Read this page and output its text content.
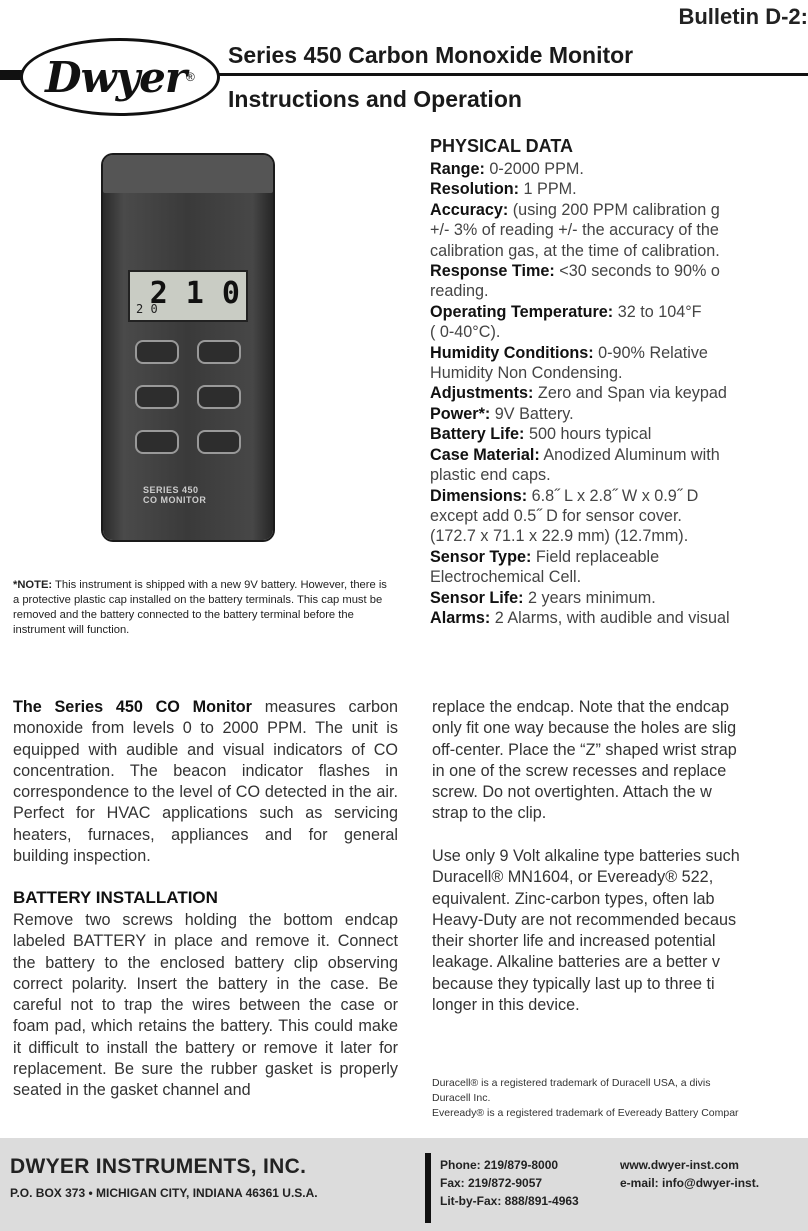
Dwyer ®
Bulletin D-2:
Series 450 Carbon Monoxide Monitor
Instructions and Operation
2 1 0
2 0
SERIES 450
CO MONITOR
*NOTE: This instrument is shipped with a new 9V battery. However, there is a protective plastic cap installed on the battery terminals. This cap must be removed and the battery connected to the battery terminal before the instrument will function.
PHYSICAL DATA
Range: 0-2000 PPM.
Resolution: 1 PPM.
Accuracy: (using 200 PPM calibration g
+/- 3% of reading +/- the accuracy of the
calibration gas, at the time of calibration.
Response Time: <30 seconds to 90% o
reading.
Operating Temperature: 32 to 104°F
( 0-40°C).
Humidity Conditions: 0-90% Relative
Humidity Non Condensing.
Adjustments: Zero and Span via keypad
Power*: 9V Battery.
Battery Life: 500 hours typical
Case Material: Anodized Aluminum with
plastic end caps.
Dimensions: 6.8˝ L x 2.8˝ W x 0.9˝ D
except add 0.5˝ D for sensor cover.
(172.7 x 71.1 x 22.9 mm) (12.7mm).
Sensor Type: Field replaceable
Electrochemical Cell.
Sensor Life: 2 years minimum.
Alarms: 2 Alarms, with audible and visual
The Series 450 CO Monitor measures carbon monoxide from levels 0 to 2000 PPM. The unit is equipped with audible and visual indicators of CO concentration. The beacon indicator flashes in correspondence to the level of CO detected in the air. Perfect for HVAC applications such as servicing heaters, furnaces, appliances and for general building inspection.
BATTERY INSTALLATION
Remove two screws holding the bottom endcap labeled BATTERY in place and remove it. Connect the battery to the enclosed battery clip observing correct polarity. Insert the battery in the case. Be careful not to trap the wires between the case or foam pad, which retains the battery. This could make it difficult to install the battery or remove it later for replacement. Be sure the rubber gasket is properly seated in the gasket channel and
replace the endcap. Note that the endcap
only fit one way because the holes are slig
off-center. Place the “Z” shaped wrist strap
in one of the screw recesses and replace
screw. Do not overtighten. Attach the w
strap to the clip.
Use only 9 Volt alkaline type batteries such
Duracell® MN1604, or Eveready® 522,
equivalent. Zinc-carbon types, often lab
Heavy-Duty are not recommended becaus
their shorter life and increased potential
leakage. Alkaline batteries are a better v
because they typically last up to three ti
longer in this device.
Duracell® is a registered trademark of Duracell USA, a divis
Duracell Inc.
Eveready® is a registered trademark of Eveready Battery Compar
DWYER INSTRUMENTS, INC.
P.O. BOX 373 • MICHIGAN CITY, INDIANA 46361 U.S.A.
Phone: 219/879-8000
Fax: 219/872-9057
Lit-by-Fax: 888/891-4963
www.dwyer-inst.com
e-mail: info@dwyer-inst.
